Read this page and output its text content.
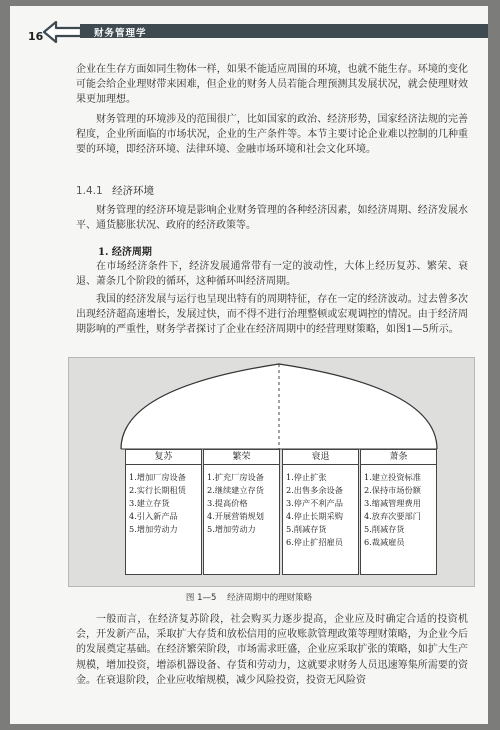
16	财务管理学

企业在生存方面如同生物体一样，如果不能适应周围的环境，也就不能生存。环境的变化可能会给企业理财带来困难，但企业的财务人员若能合理预测其发展状况，就会使理财效果更加理想。

财务管理的环境涉及的范围很广，比如国家的政治、经济形势，国家经济法规的完善程度，企业所面临的市场状况，企业的生产条件等。本节主要讨论企业难以控制的几种重要的环境，即经济环境、法律环境、金融市场环境和社会文化环境。

1.4.1 经济环境

财务管理的经济环境是影响企业财务管理的各种经济因素，如经济周期、经济发展水平、通货膨胀状况、政府的经济政策等。

1. 经济周期

在市场经济条件下，经济发展通常带有一定的波动性，大体上经历复苏、繁荣、衰退、萧条几个阶段的循环，这种循环叫经济周期。

我国的经济发展与运行也呈现出特有的周期特征，存在一定的经济波动。过去曾多次出现经济超高速增长，发展过快，而不得不进行治理整顿或宏观调控的情况。由于经济周期影响的严重性，财务学者探讨了企业在经济周期中的经营理财策略，如图1—5所示。

复苏
1.增加厂房设备
2.实行长期租赁
3.建立存货
4.引入新产品
5.增加劳动力
繁荣
1.扩充厂房设备
2.继续建立存货
3.提高价格
4.开展营销规划
5.增加劳动力
衰退
1.停止扩张
2.出售多余设备
3.停产不利产品
4.停止长期采购
5.削减存货
6.停止扩招雇员
萧条
1.建立投资标准
2.保持市场份额
3.缩减管理费用
4.放弃次要部门
5.削减存货
6.裁减雇员
图 1—5 经济周期中的理财策略

一般而言，在经济复苏阶段，社会购买力逐步提高，企业应及时确定合适的投资机会，开发新产品，采取扩大存货和放松信用的应收账款管理政策等理财策略，为企业今后的发展奠定基础。在经济繁荣阶段，市场需求旺盛，企业应采取扩张的策略，如扩大生产规模，增加投资，增添机器设备、存货和劳动力，这就要求财务人员迅速筹集所需要的资金。在衰退阶段，企业应收缩规模，减少风险投资，投资无风险资
